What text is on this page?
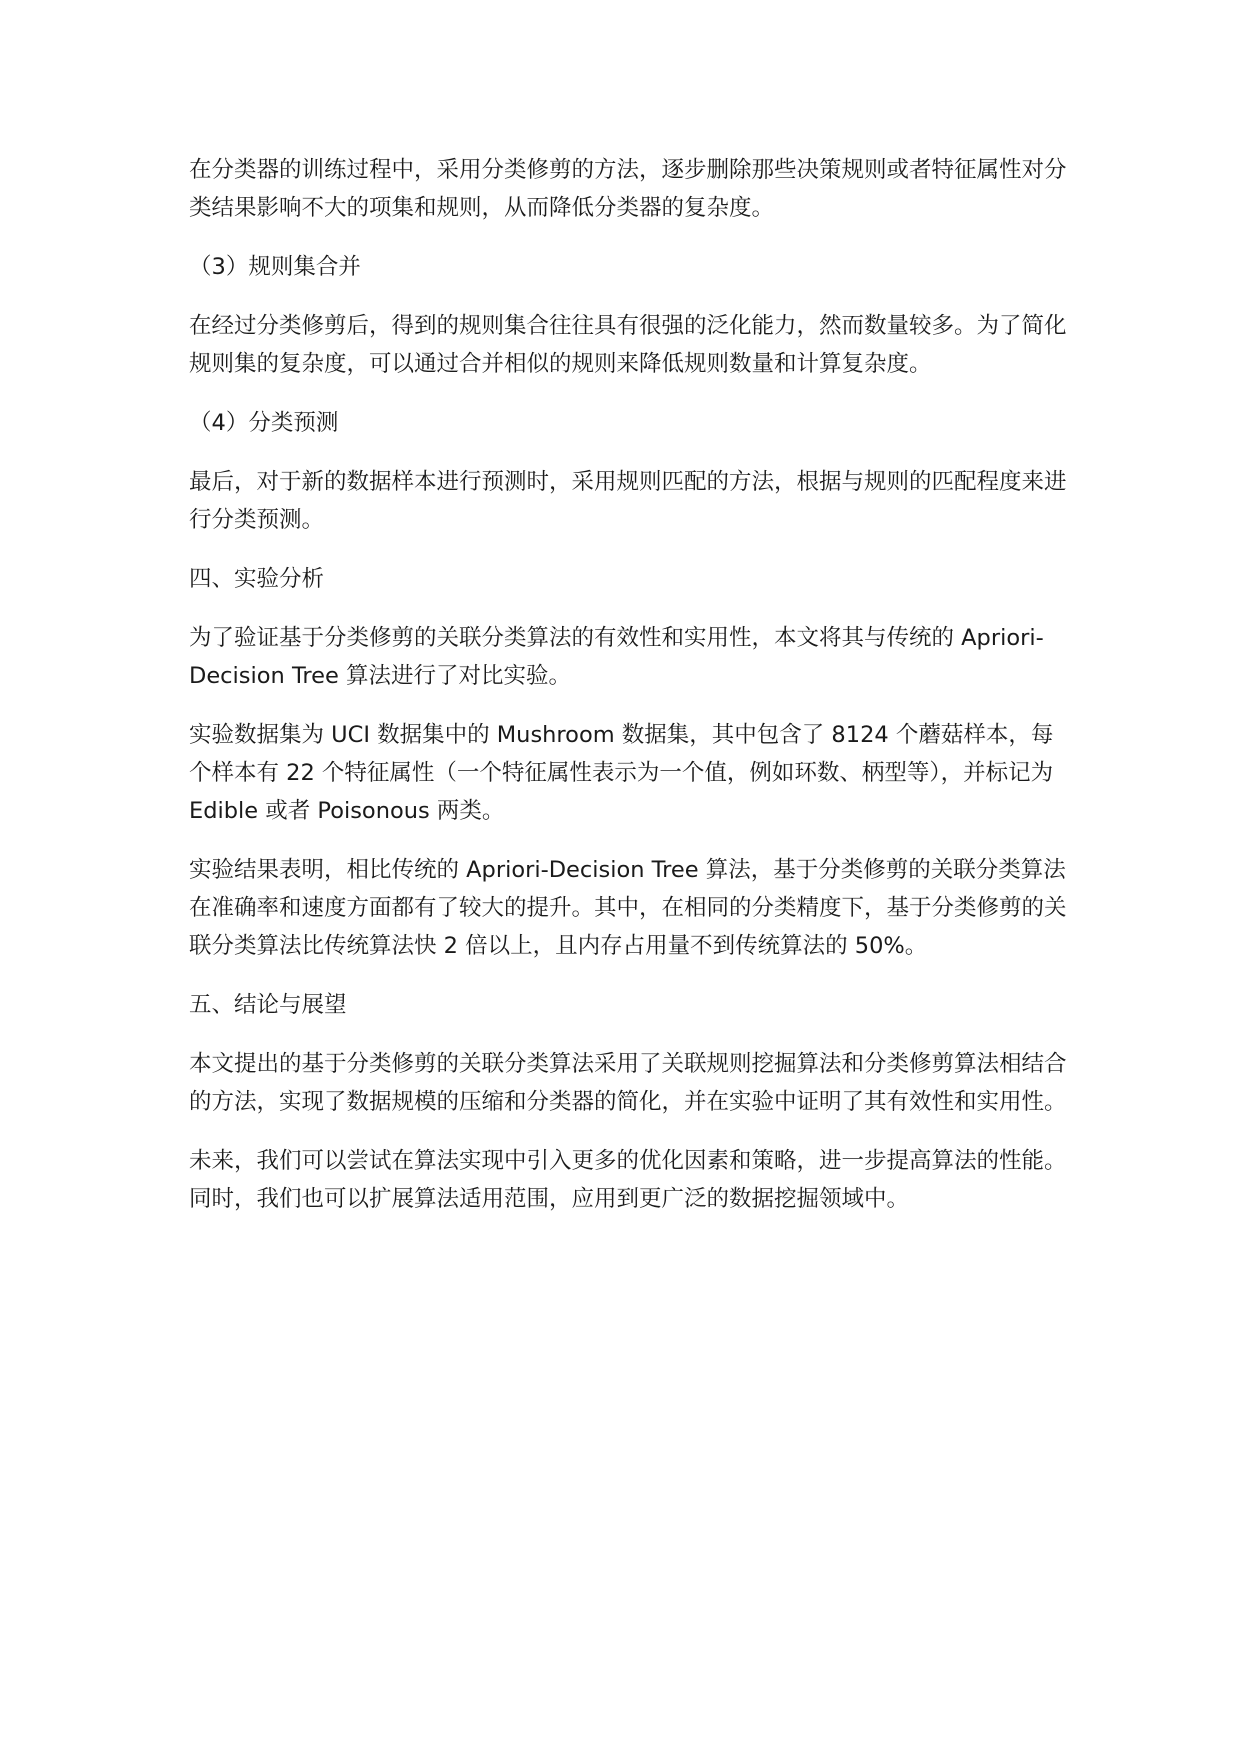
在分类器的训练过程中，采用分类修剪的方法，逐步删除那些决策规则或者特征属性对分类结果影响不大的项集和规则，从而降低分类器的复杂度。

（3）规则集合并

在经过分类修剪后，得到的规则集合往往具有很强的泛化能力，然而数量较多。为了简化规则集的复杂度，可以通过合并相似的规则来降低规则数量和计算复杂度。

（4）分类预测

最后，对于新的数据样本进行预测时，采用规则匹配的方法，根据与规则的匹配程度来进行分类预测。

四、实验分析

为了验证基于分类修剪的关联分类算法的有效性和实用性，本文将其与传统的 Apriori-Decision Tree 算法进行了对比实验。

实验数据集为 UCI 数据集中的 Mushroom 数据集，其中包含了 8124 个蘑菇样本，每个样本有 22 个特征属性（一个特征属性表示为一个值，例如环数、柄型等），并标记为 Edible 或者 Poisonous 两类。

实验结果表明，相比传统的 Apriori-Decision Tree 算法，基于分类修剪的关联分类算法在准确率和速度方面都有了较大的提升。其中，在相同的分类精度下，基于分类修剪的关联分类算法比传统算法快 2 倍以上，且内存占用量不到传统算法的 50%。

五、结论与展望

本文提出的基于分类修剪的关联分类算法采用了关联规则挖掘算法和分类修剪算法相结合的方法，实现了数据规模的压缩和分类器的简化，并在实验中证明了其有效性和实用性。

未来，我们可以尝试在算法实现中引入更多的优化因素和策略，进一步提高算法的性能。同时，我们也可以扩展算法适用范围，应用到更广泛的数据挖掘领域中。
